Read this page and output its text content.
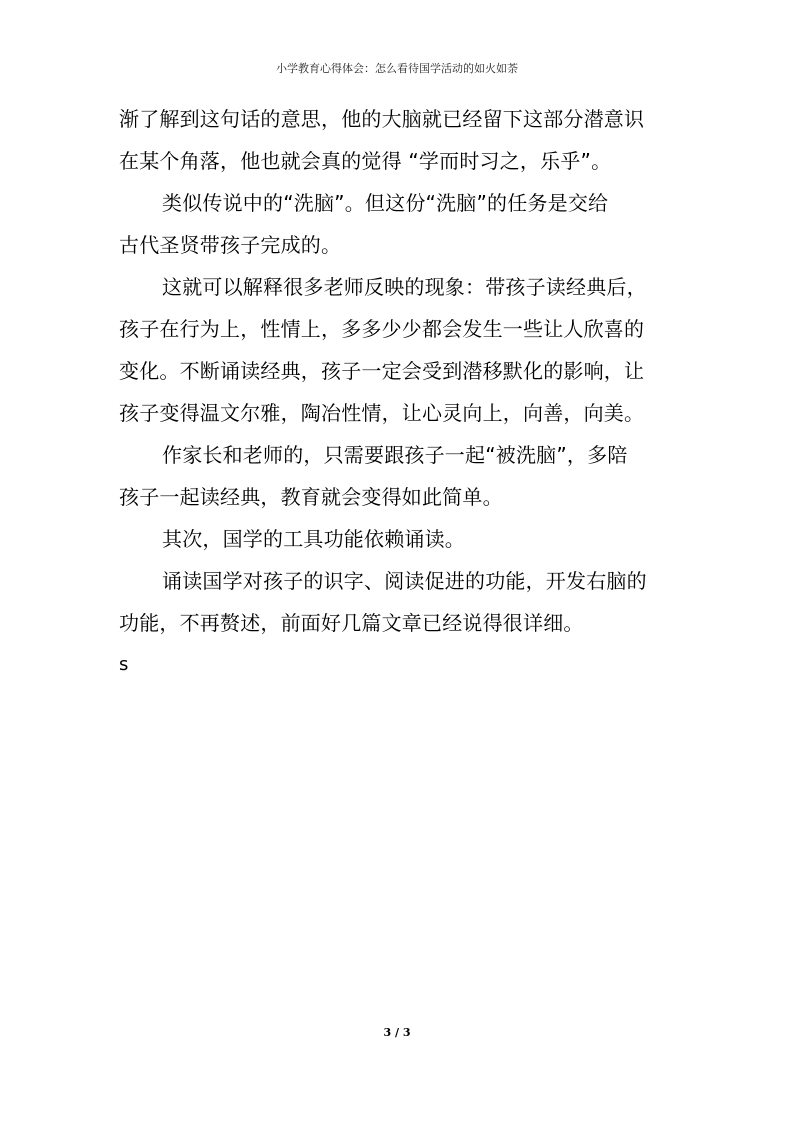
小学教育心得体会：怎么看待国学活动的如火如荼
渐了解到这句话的意思，他的大脑就已经留下这部分潜意识
在某个角落，他也就会真的觉得 “学而时习之，乐乎”。
类似传说中的“洗脑”。但这份“洗脑”的任务是交给
古代圣贤带孩子完成的。
这就可以解释很多老师反映的现象：带孩子读经典后，
孩子在行为上，性情上，多多少少都会发生一些让人欣喜的
变化。不断诵读经典，孩子一定会受到潜移默化的影响，让
孩子变得温文尔雅，陶冶性情，让心灵向上，向善，向美。
作家长和老师的，只需要跟孩子一起“被洗脑”，多陪
孩子一起读经典，教育就会变得如此简单。
其次，国学的工具功能依赖诵读。
诵读国学对孩子的识字、阅读促进的功能，开发右脑的
功能，不再赘述，前面好几篇文章已经说得很详细。
s
3 / 3
